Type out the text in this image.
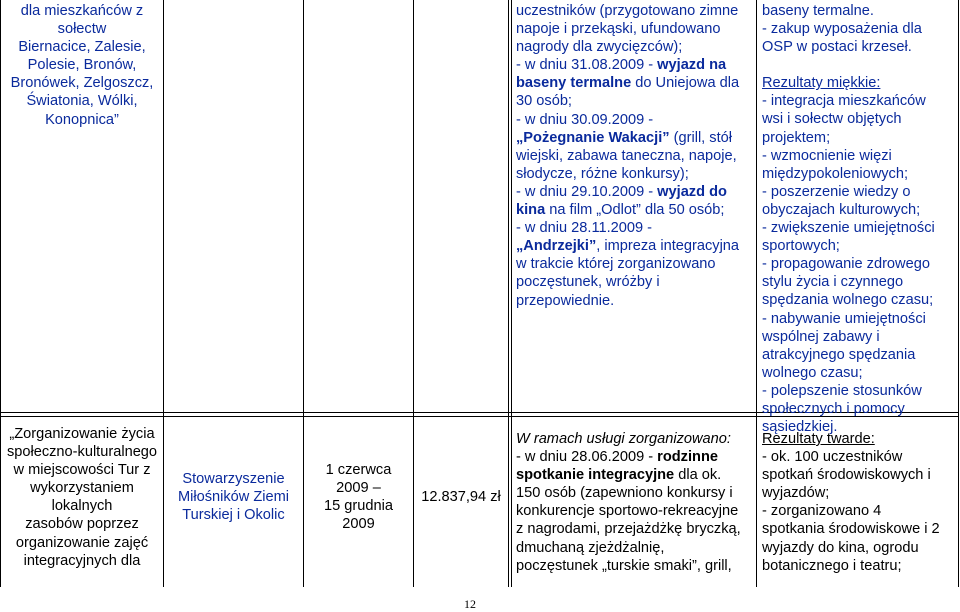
dla mieszkańców z
sołectw
Biernacice, Zalesie,
Polesie, Bronów,
Bronówek, Zelgoszcz,
Światonia, Wólki,
Konopnica”
uczestników (przygotowano zimne
napoje i przekąski, ufundowano
nagrody dla zwycięzców);
- w dniu 31.08.2009 - wyjazd na
baseny termalne do Uniejowa dla
30 osób;
- w dniu 30.09.2009 -
„Pożegnanie Wakacji” (grill, stół
wiejski, zabawa taneczna, napoje,
słodycze, różne konkursy);
- w dniu 29.10.2009 - wyjazd do
kina na film „Odlot” dla 50 osób;
- w dniu 28.11.2009 -
„Andrzejki”, impreza integracyjna
w trakcie której zorganizowano
poczęstunek, wróżby i
przepowiednie.
baseny termalne.
- zakup wyposażenia dla
OSP w postaci krzeseł.
Rezultaty miękkie:
- integracja mieszkańców
wsi i sołectw objętych
projektem;
- wzmocnienie więzi
międzypokoleniowych;
- poszerzenie wiedzy o
obyczajach kulturowych;
- zwiększenie umiejętności
sportowych;
- propagowanie zdrowego
stylu życia i czynnego
spędzania wolnego czasu;
- nabywanie umiejętności
wspólnej zabawy i
atrakcyjnego spędzania
wolnego czasu;
- polepszenie stosunków
społecznych i pomocy
sąsiedzkiej.
„Zorganizowanie życia
społeczno-kulturalnego
w miejscowości Tur z
wykorzystaniem
lokalnych
zasobów poprzez
organizowanie zajęć
integracyjnych dla
Stowarzyszenie
Miłośników Ziemi
Turskiej i Okolic
1 czerwca
2009 –
15 grudnia
2009
12.837,94 zł
W ramach usługi zorganizowano:
- w dniu 28.06.2009 - rodzinne
spotkanie integracyjne dla ok.
150 osób (zapewniono konkursy i
konkurencje sportowo-rekreacyjne
z nagrodami, przejażdżkę bryczką,
dmuchaną zjeżdżalnię,
poczęstunek „turskie smaki”, grill,
Rezultaty twarde:
- ok. 100 uczestników
spotkań środowiskowych i
wyjazdów;
- zorganizowano 4
spotkania środowiskowe i 2
wyjazdy do kina, ogrodu
botanicznego i teatru;
12
